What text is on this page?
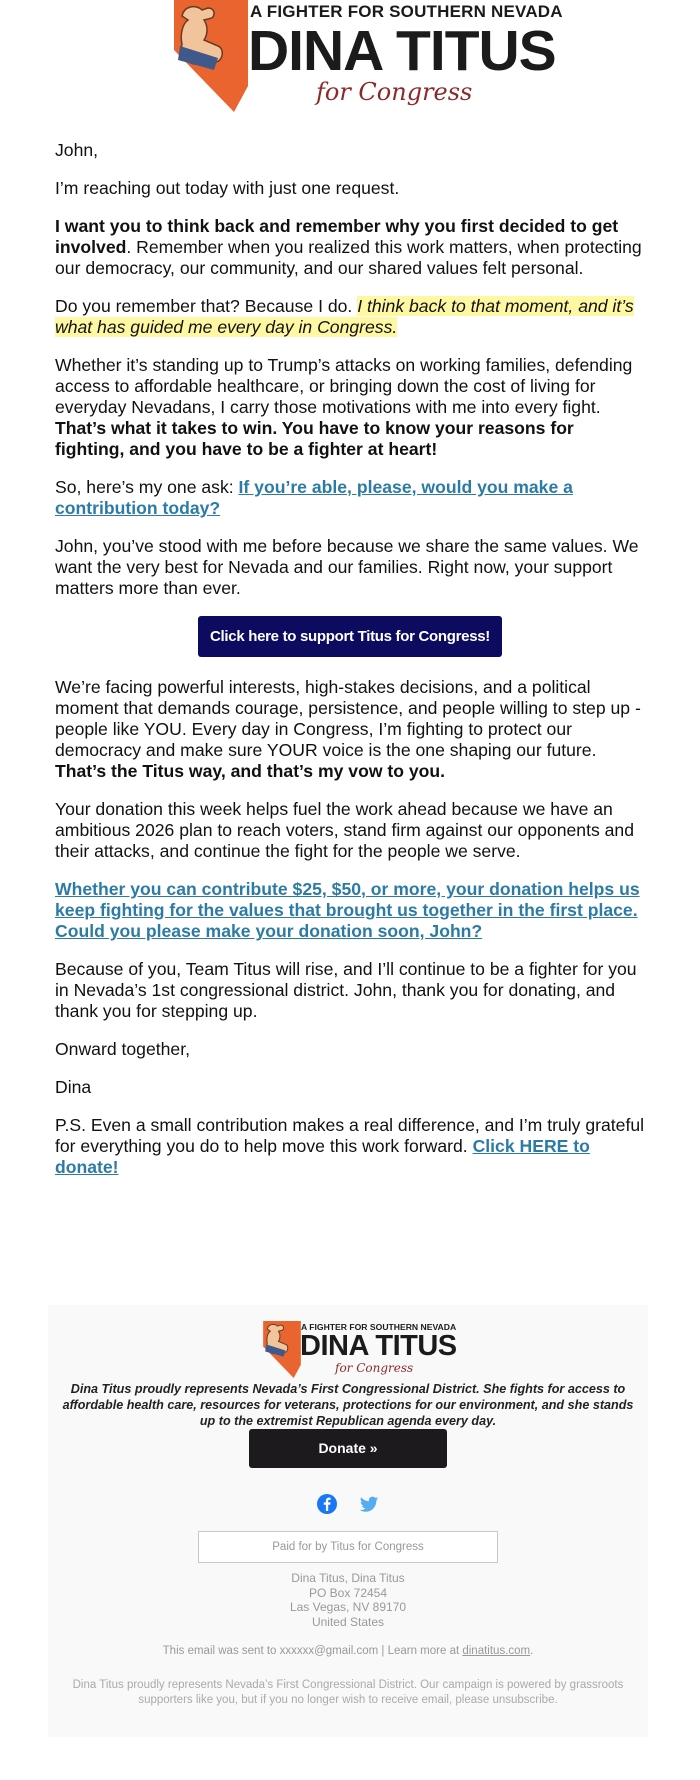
A FIGHTER FOR SOUTHERN NEVADA
DINA TITUS
for Congress

John,

I’m reaching out today with just one request.

I want you to think back and remember why you first decided to get involved. Remember when you realized this work matters, when protecting our democracy, our community, and our shared values felt personal.

Do you remember that? Because I do. I think back to that moment, and it’s what has guided me every day in Congress.

Whether it’s standing up to Trump’s attacks on working families, defending access to affordable healthcare, or bringing down the cost of living for everyday Nevadans, I carry those motivations with me into every fight. That’s what it takes to win. You have to know your reasons for fighting, and you have to be a fighter at heart!

So, here’s my one ask: If you’re able, please, would you make a contribution today?

John, you’ve stood with me before because we share the same values. We want the very best for Nevada and our families. Right now, your support matters more than ever.

Click here to support Titus for Congress!

We’re facing powerful interests, high-stakes decisions, and a political moment that demands courage, persistence, and people willing to step up - people like YOU. Every day in Congress, I’m fighting to protect our democracy and make sure YOUR voice is the one shaping our future. That’s the Titus way, and that’s my vow to you.

Your donation this week helps fuel the work ahead because we have an ambitious 2026 plan to reach voters, stand firm against our opponents and their attacks, and continue the fight for the people we serve.

Whether you can contribute $25, $50, or more, your donation helps us keep fighting for the values that brought us together in the first place. Could you please make your donation soon, John?

Because of you, Team Titus will rise, and I’ll continue to be a fighter for you in Nevada’s 1st congressional district. John, thank you for donating, and thank you for stepping up.

Onward together,

Dina

P.S. Even a small contribution makes a real difference, and I’m truly grateful for everything you do to help move this work forward. Click HERE to donate!

A FIGHTER FOR SOUTHERN NEVADA
DINA TITUS
for Congress
Dina Titus proudly represents Nevada’s First Congressional District. She fights for access to affordable health care, resources for veterans, protections for our environment, and she stands up to the extremist Republican agenda every day.
Donate »
Paid for by Titus for Congress
Dina Titus, Dina Titus
PO Box 72454
Las Vegas, NV 89170
United States
This email was sent to xxxxxx@gmail.com | Learn more at dinatitus.com.
Dina Titus proudly represents Nevada’s First Congressional District. Our campaign is powered by grassroots supporters like you, but if you no longer wish to receive email, please unsubscribe.
